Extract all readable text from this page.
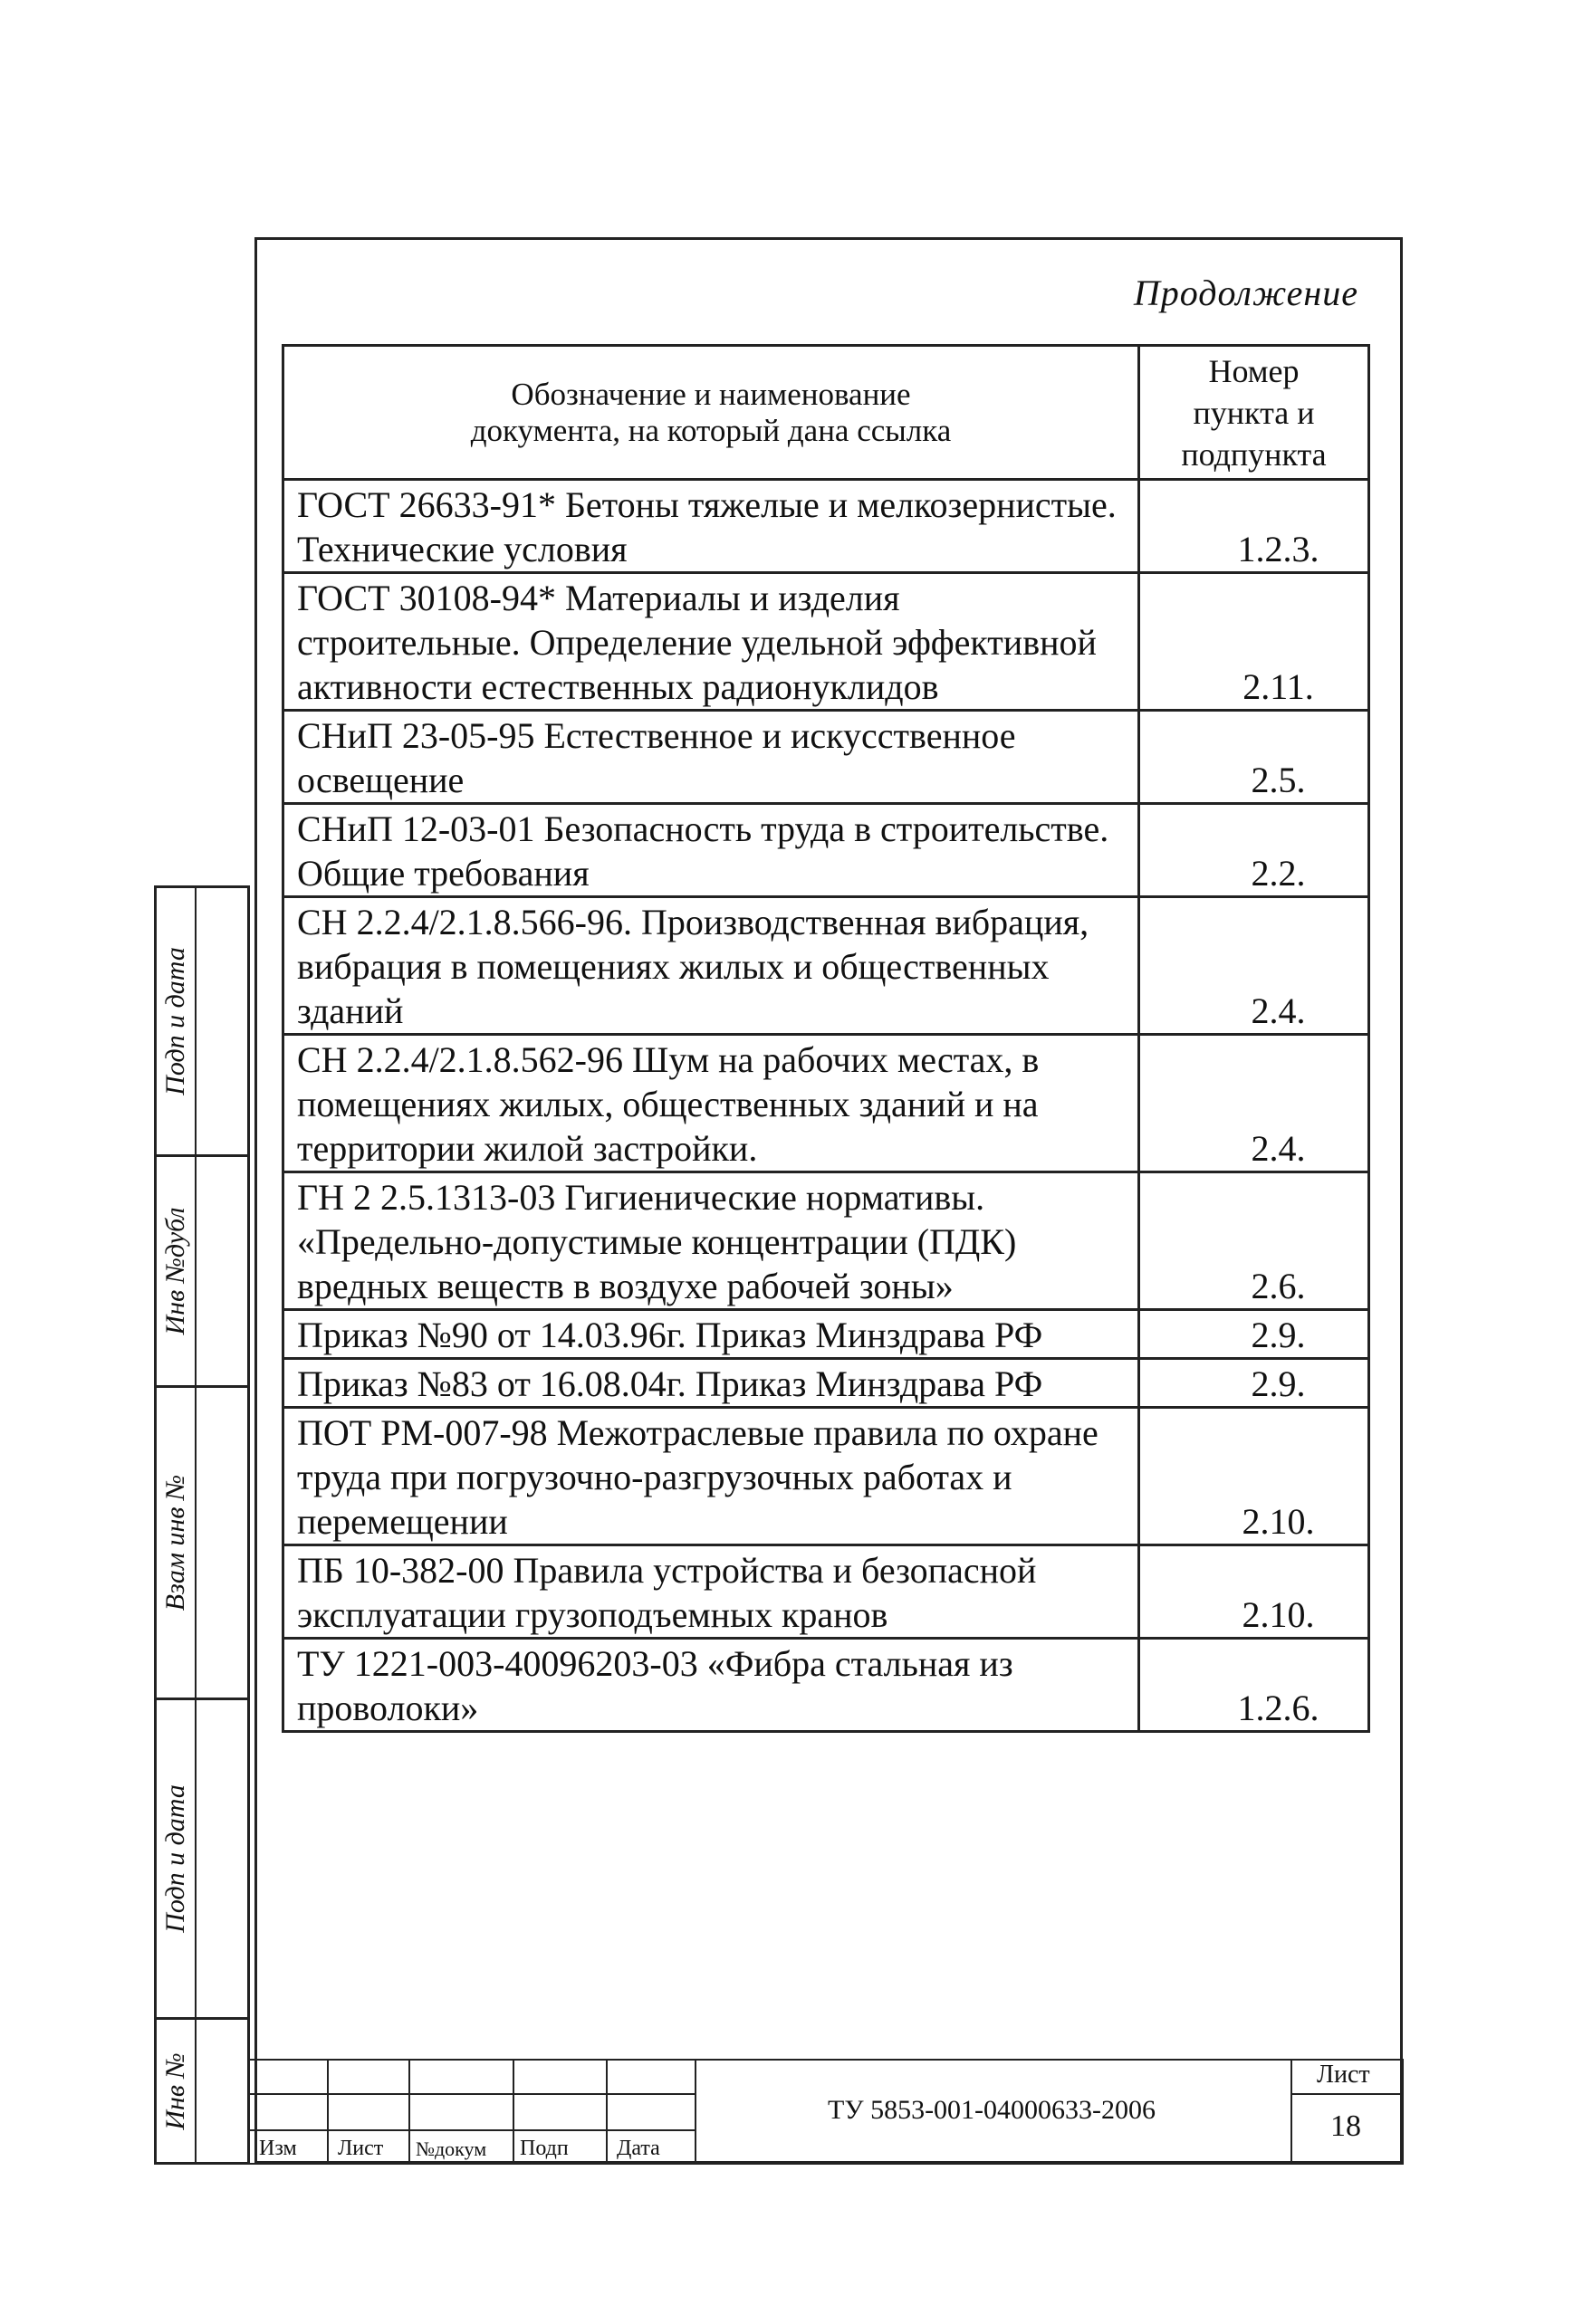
Подп и дата
Инв №дубл
Взам инв №
Подп и дата
Инв №
Продолжение
Обозначение и наименование документа, на который дана ссылка	Номер пункта и подпункта

ГОСТ 26633-91* Бетоны тяжелые и мелкозернистые. Технические условия	1.2.3.
ГОСТ 30108-94* Материалы и изделия строительные. Определение удельной эффективной активности естественных радионуклидов	2.11.
СНиП 23-05-95 Естественное и искусственное освещение	2.5.
СНиП 12-03-01 Безопасность труда в строительстве. Общие требования	2.2.
СН 2.2.4/2.1.8.566-96. Производственная вибрация, вибрация в помещениях жилых и общественных зданий	2.4.
СН 2.2.4/2.1.8.562-96 Шум на рабочих местах, в помещениях жилых, общественных зданий и на территории жилой застройки.	2.4.
ГН 2 2.5.1313-03 Гигиенические нормативы. «Предельно-допустимые концентрации (ПДК) вредных веществ в воздухе рабочей зоны»	2.6.
Приказ №90 от 14.03.96г. Приказ Минздрава РФ	2.9.
Приказ №83 от 16.08.04г. Приказ Минздрава РФ	2.9.
ПОТ РМ-007-98 Межотраслевые правила по охране труда при погрузочно-разгрузочных работах и перемещении	2.10.
ПБ 10-382-00 Правила устройства и безопасной эксплуатации грузоподъемных кранов	2.10.
ТУ 1221-003-40096203-03 «Фибра стальная из проволоки»	1.2.6.
Изм Лист №докум Подп Дата
ТУ 5853-001-04000633-2006
Лист
18
